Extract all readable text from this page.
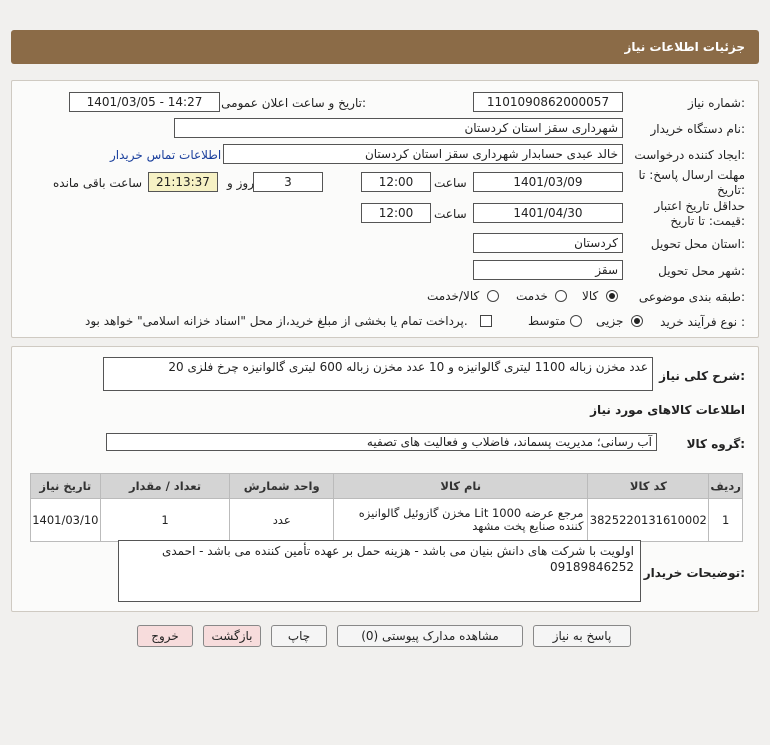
جزئیات اطلاعات نیاز
شماره نیاز:
1101090862000057
تاریخ و ساعت اعلان عمومی:
1401/03/05 - 14:27
نام دستگاه خریدار:
شهرداری سقز استان کردستان
ایجاد کننده درخواست:
خالد عبدی حسابدار شهرداری سقز استان کردستان
اطلاعات تماس خریدار
مهلت ارسال پاسخ: تا تاریخ:
1401/03/09
ساعت
12:00
3
روز و
21:13:37
ساعت باقی مانده
حداقل تاریخ اعتبار قیمت: تا تاریخ:
1401/04/30
ساعت
12:00
استان محل تحویل:
کردستان
شهر محل تحویل:
سقز
طبقه بندی موضوعی:
کالا
خدمت
کالا/خدمت
نوع فرآیند خرید :
جزیی
متوسط
پرداخت تمام یا بخشی از مبلغ خرید،از محل "اسناد خزانه اسلامی" خواهد بود.
شرح کلی نیاز:
20 عدد مخزن زباله 1100 لیتری گالوانیزه و 10 عدد مخزن زباله 600 لیتری گالوانیزه چرخ فلزی
اطلاعات کالاهای مورد نیاز
گروه کالا:
آب رسانی؛ مدیریت پسماند، فاضلاب و فعالیت های تصفیه
تاریخ نیاز	تعداد / مقدار	واحد شمارش	نام کالا	کد کالا	ردیف
1401/03/10	1	عدد	مخزن گازوئیل گالوانیزه Lit 1000 مرجع عرضه کننده صنایع پخت مشهد	3825220131610002	1
توضیحات خریدار:
اولویت با شرکت های دانش بنیان می باشد - هزینه حمل بر عهده تأمین کننده می باشد - احمدی 09189846252
پاسخ به نیاز
مشاهده مدارک پیوستی (0)
چاپ
بازگشت
خروج
